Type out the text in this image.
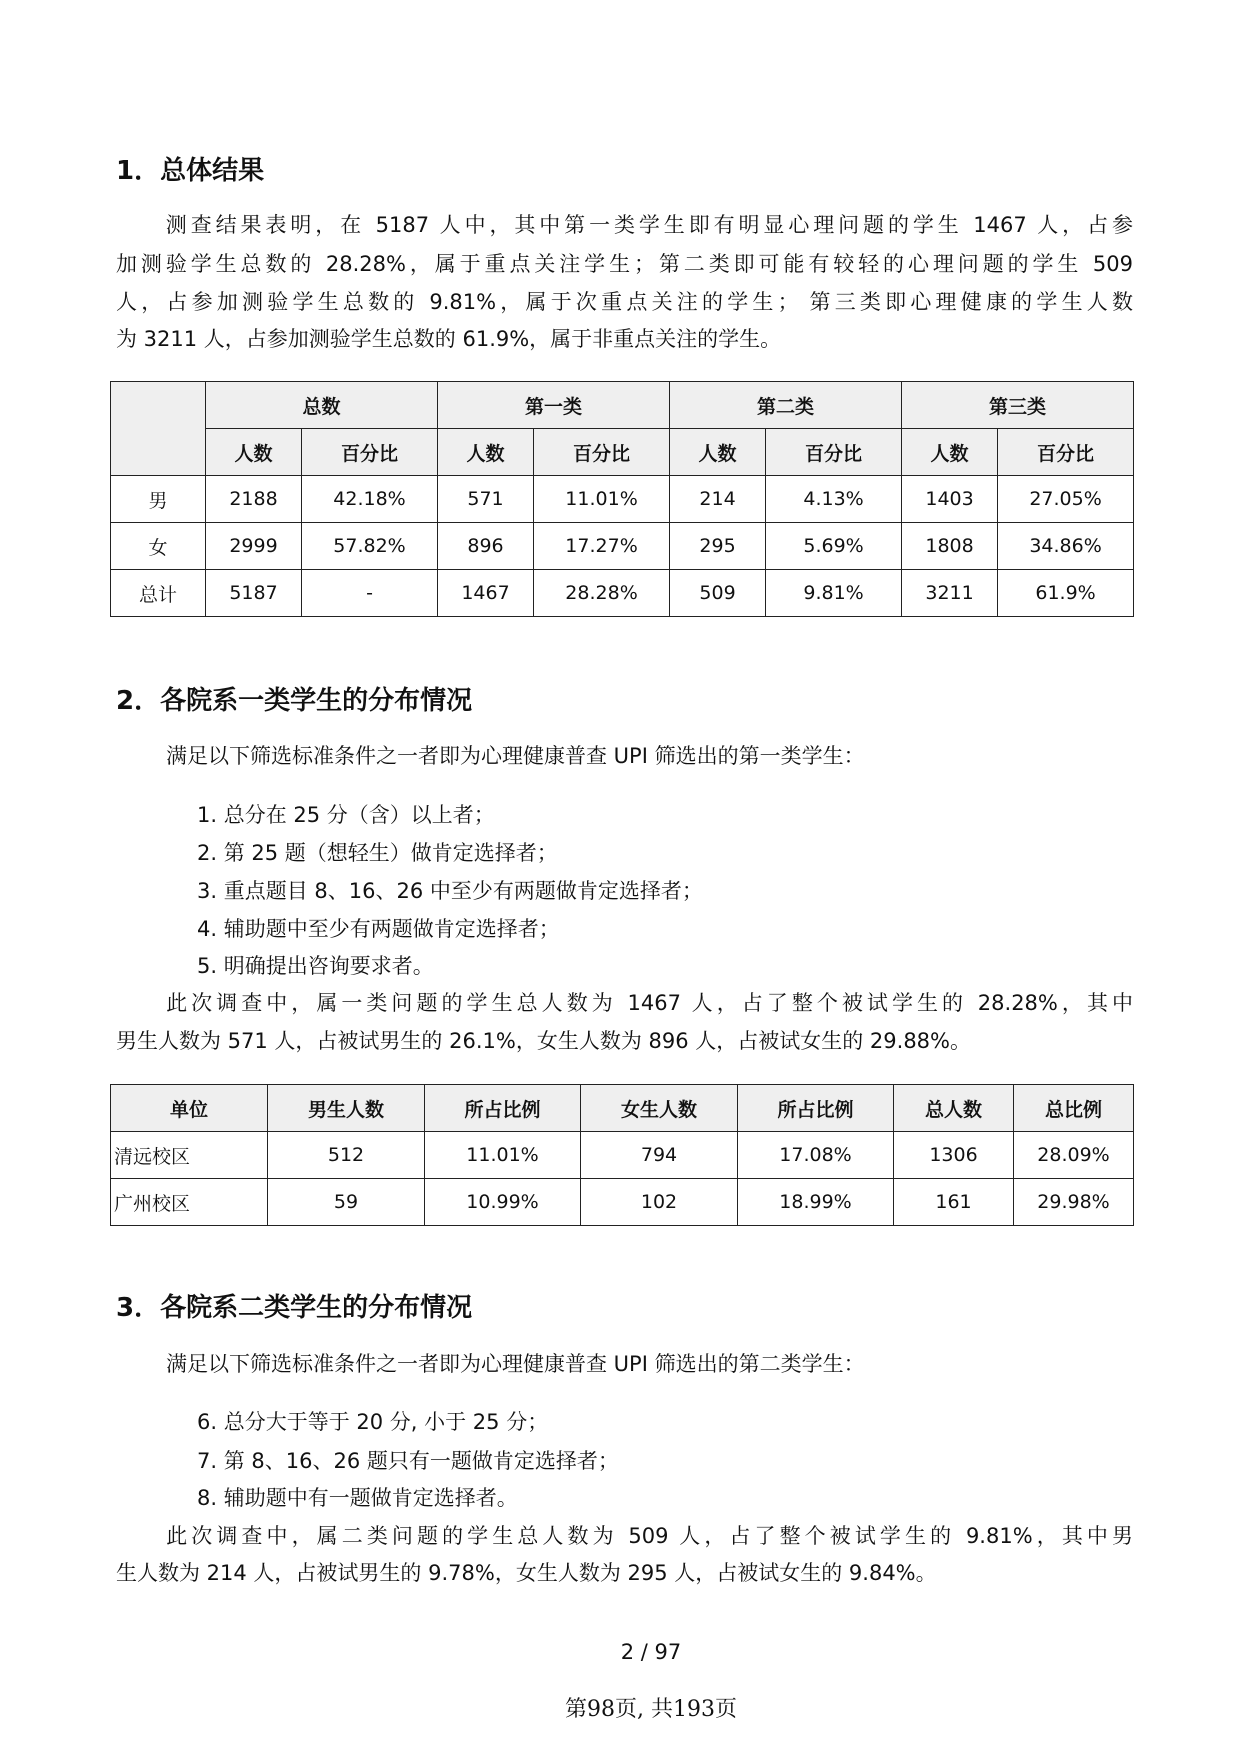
1．总体结果
　　测查结果表明，在 5187 人中，其中第一类学生即有明显心理问题的学生 1467 人，占参
加测验学生总数的 28.28%，属于重点关注学生；第二类即可能有较轻的心理问题的学生 509
人，占参加测验学生总数的 9.81%，属于次重点关注的学生； 第三类即心理健康的学生人数
为 3211 人，占参加测验学生总数的 61.9%，属于非重点关注的学生。
	总数		第一类		第二类		第三类	
	人数	百分比	人数	百分比	人数	百分比	人数	百分比
男	2188	42.18%	571	11.01%	214	4.13%	1403	27.05%
女	2999	57.82%	896	17.27%	295	5.69%	1808	34.86%
总计	5187	-	1467	28.28%	509	9.81%	3211	61.9%
2．各院系一类学生的分布情况
满足以下筛选标准条件之一者即为心理健康普查 UPI 筛选出的第一类学生：
1. 总分在 25 分（含）以上者；
2. 第 25 题（想轻生）做肯定选择者；
3. 重点题目 8、16、26 中至少有两题做肯定选择者；
4. 辅助题中至少有两题做肯定选择者；
5. 明确提出咨询要求者。
　　此次调查中，属一类问题的学生总人数为 1467 人，占了整个被试学生的 28.28%，其中
男生人数为 571 人，占被试男生的 26.1%，女生人数为 896 人，占被试女生的 29.88%。
单位	男生人数	所占比例	女生人数	所占比例	总人数	总比例
清远校区	512	11.01%	794	17.08%	1306	28.09%
广州校区	59	10.99%	102	18.99%	161	29.98%
3．各院系二类学生的分布情况
满足以下筛选标准条件之一者即为心理健康普查 UPI 筛选出的第二类学生：
6. 总分大于等于 20 分, 小于 25 分；
7. 第 8、16、26 题只有一题做肯定选择者；
8. 辅助题中有一题做肯定选择者。
　　此次调查中，属二类问题的学生总人数为 509 人，占了整个被试学生的 9.81%，其中男
生人数为 214 人，占被试男生的 9.78%，女生人数为 295 人，占被试女生的 9.84%。
2 / 97
第98页, 共193页
